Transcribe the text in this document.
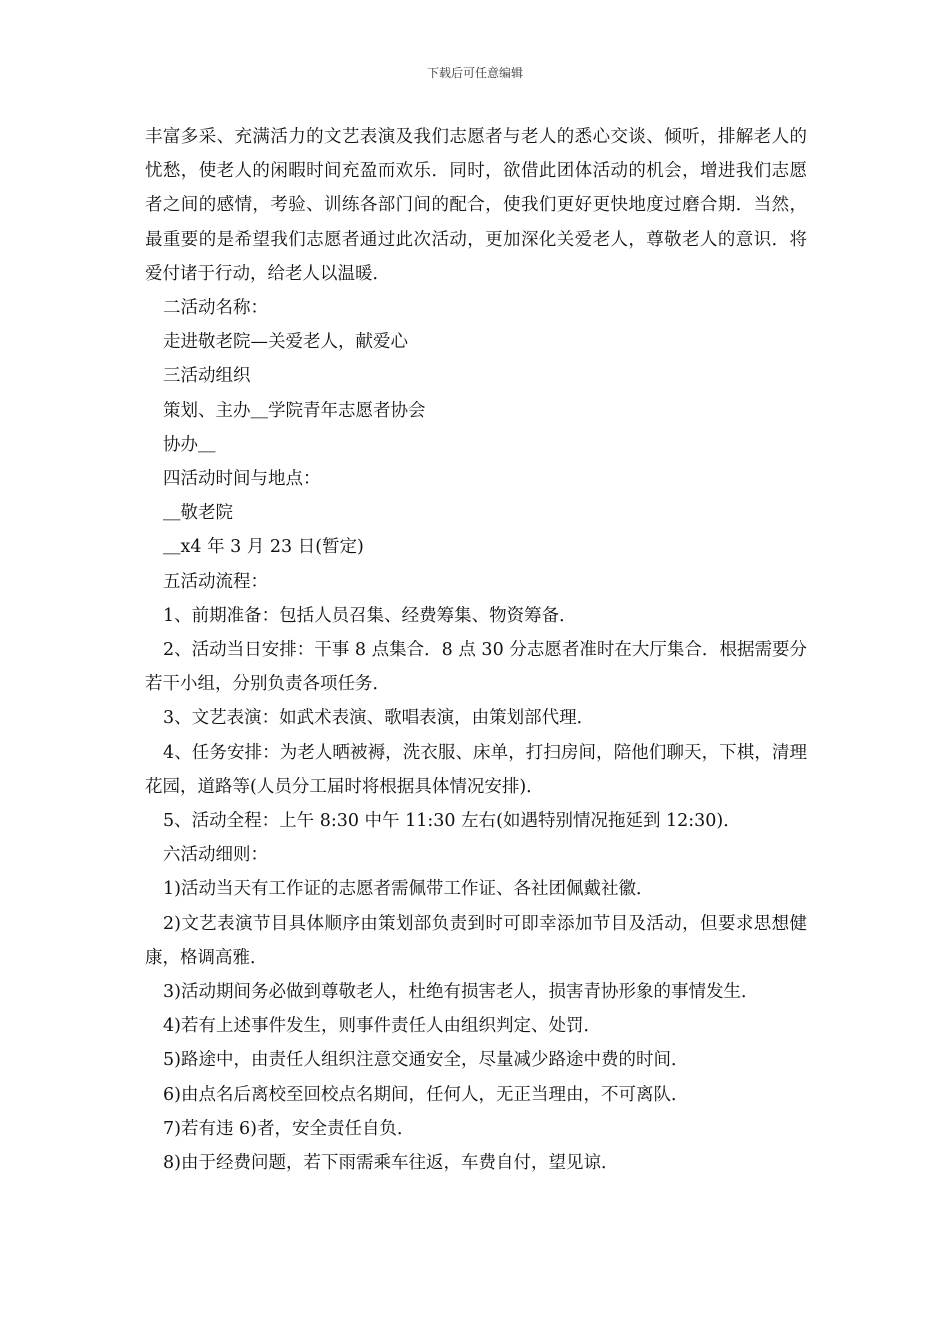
下载后可任意编辑

丰富多采、充满活力的文艺表演及我们志愿者与老人的悉心交谈、倾听，排解老人的忧愁，使老人的闲暇时间充盈而欢乐．同时，欲借此团体活动的机会，增进我们志愿者之间的感情，考验、训练各部门间的配合，使我们更好更快地度过磨合期．当然，最重要的是希望我们志愿者通过此次活动，更加深化关爱老人，尊敬老人的意识．将爱付诸于行动，给老人以温暖．

二活动名称：

走进敬老院—关爱老人，献爱心

三活动组织

策划、主办＿学院青年志愿者协会

协办＿

四活动时间与地点：

＿敬老院

＿x4 年 3 月 23 日(暂定)

五活动流程：

1、前期准备：包括人员召集、经费筹集、物资筹备．

2、活动当日安排：干事 8 点集合．8 点 30 分志愿者准时在大厅集合．根据需要分若干小组，分别负责各项任务．

3、文艺表演：如武术表演、歌唱表演，由策划部代理．

4、任务安排：为老人晒被褥，洗衣服、床单，打扫房间，陪他们聊天，下棋，清理花园，道路等(人员分工届时将根据具体情况安排)．

5、活动全程：上午 8:30 中午 11:30 左右(如遇特别情况拖延到 12:30)．

六活动细则：

1)活动当天有工作证的志愿者需佩带工作证、各社团佩戴社徽．

2)文艺表演节目具体顺序由策划部负责到时可即幸添加节目及活动，但要求思想健康，格调高雅．

3)活动期间务必做到尊敬老人，杜绝有损害老人，损害青协形象的事情发生．

4)若有上述事件发生，则事件责任人由组织判定、处罚．

5)路途中，由责任人组织注意交通安全，尽量减少路途中费的时间．

6)由点名后离校至回校点名期间，任何人，无正当理由，不可离队．

7)若有违 6)者，安全责任自负．

8)由于经费问题，若下雨需乘车往返，车费自付，望见谅．
